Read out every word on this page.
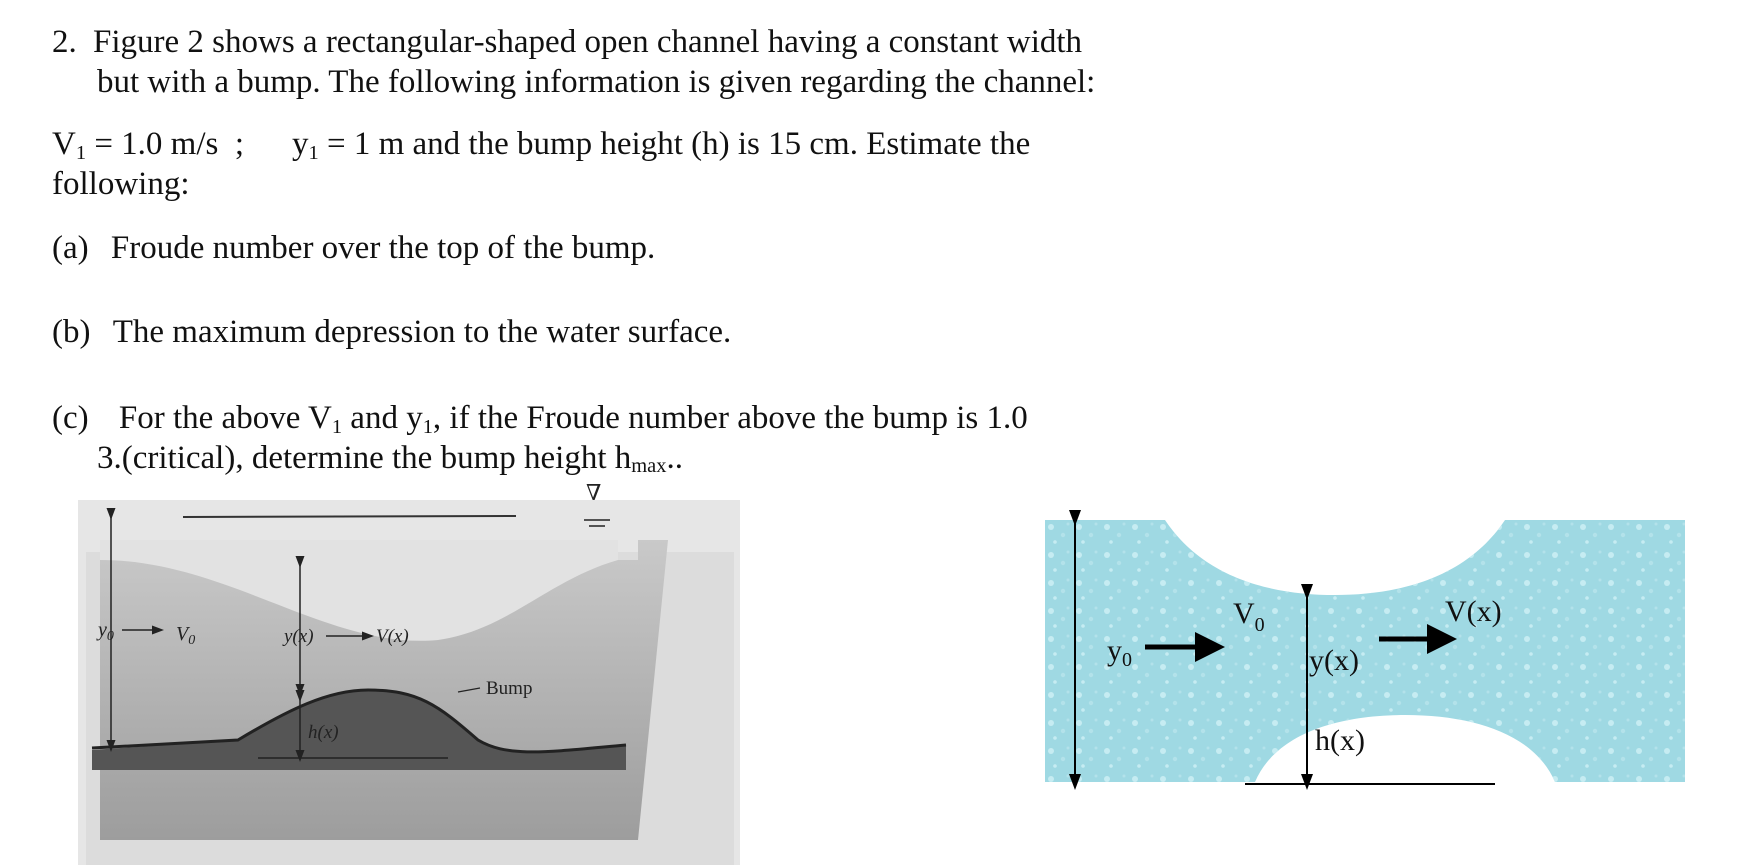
2. Figure 2 shows a rectangular-shaped open channel having a constant width
but with a bump. The following information is given regarding the channel:
$V_1 = 1.0$ m/s  ; $y_1 = 1$ m and the bump height (h) is 15 cm. Estimate the
following:
(a) Froude number over the top of the bump.
(b) The maximum depression to the water surface.
(c) For the above $V_1$ and $y_1$, if the Froude number above the bump is 1.0
3.(critical), determine the bump height hmax..
∇
$y_0$	$V_0$	y(x)	V(x)
h(x)
Bump
$y_0$
$V_0$
y(x)
V(x)
h(x)
